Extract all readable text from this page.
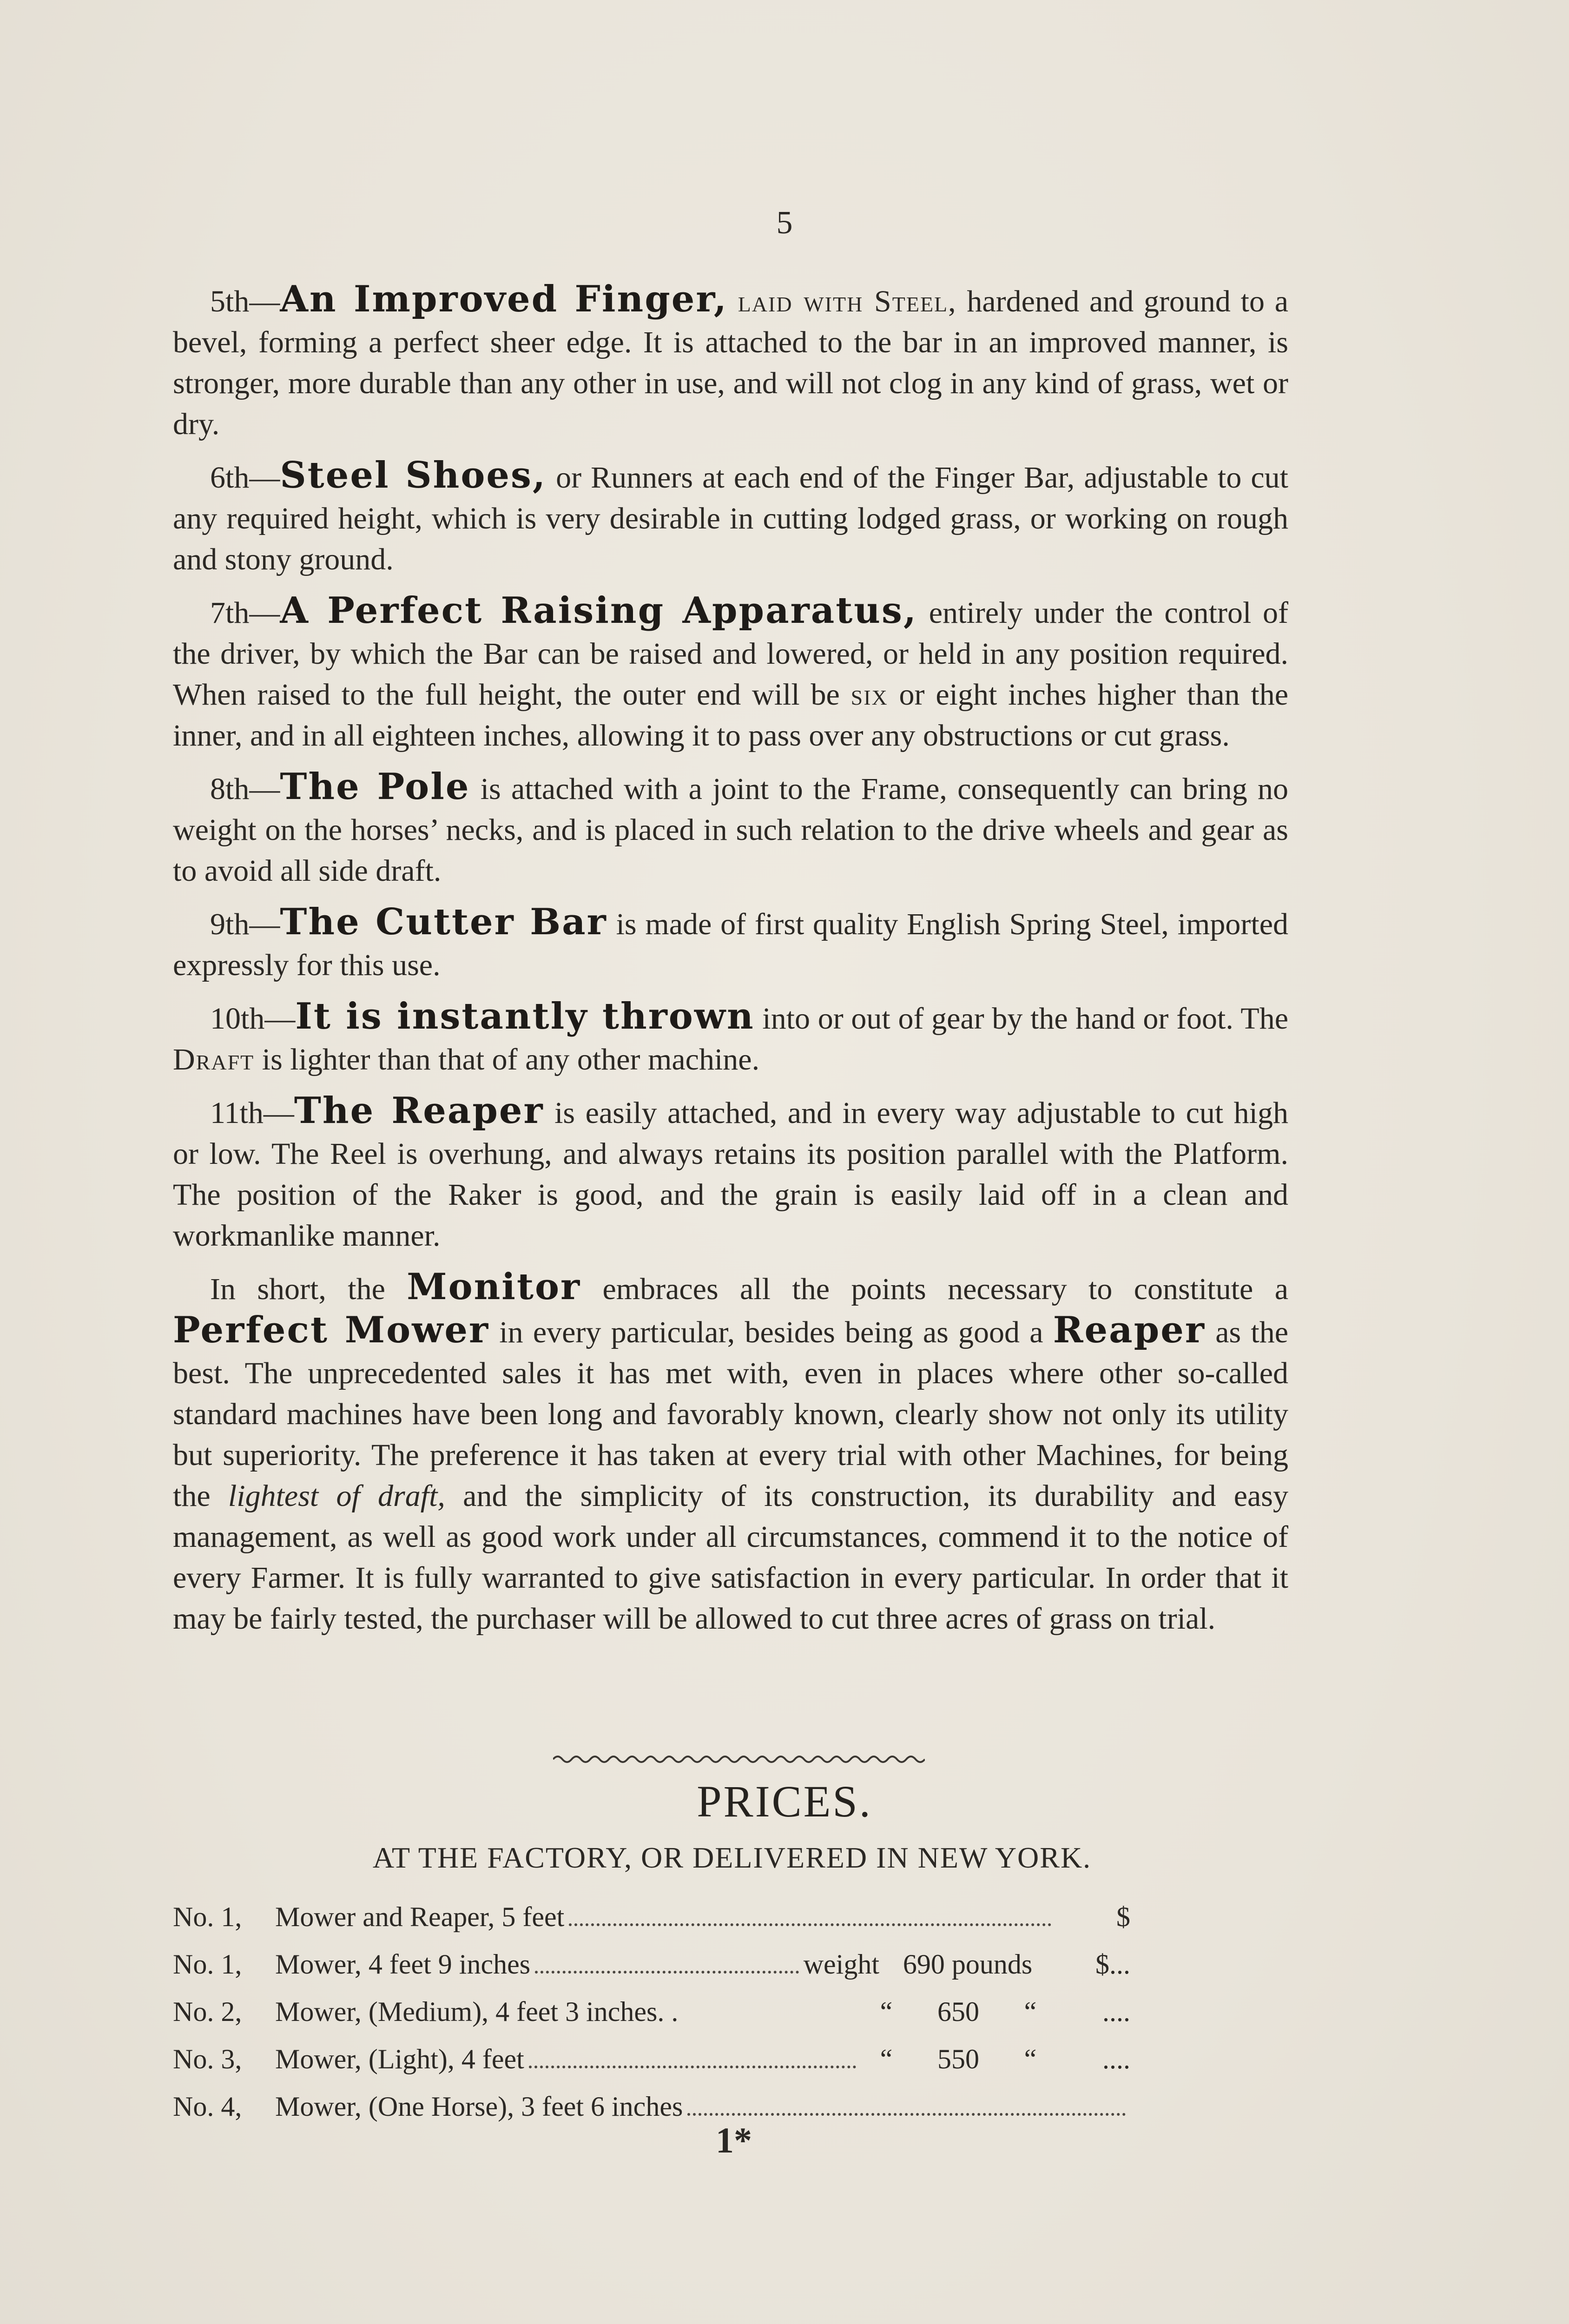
5

5th—An Improved Finger, laid with Steel, hardened and ground to a bevel, forming a perfect sheer edge. It is attached to the bar in an improved manner, is stronger, more durable than any other in use, and will not clog in any kind of grass, wet or dry.

6th—Steel Shoes, or Runners at each end of the Finger Bar, adjustable to cut any required height, which is very desirable in cutting lodged grass, or working on rough and stony ground.

7th—A Perfect Raising Apparatus, entirely under the control of the driver, by which the Bar can be raised and lowered, or held in any position required. When raised to the full height, the outer end will be six or eight inches higher than the inner, and in all eighteen inches, allowing it to pass over any obstructions or cut grass.

8th—The Pole is attached with a joint to the Frame, consequently can bring no weight on the horses’ necks, and is placed in such relation to the drive wheels and gear as to avoid all side draft.

9th—The Cutter Bar is made of first quality English Spring Steel, imported expressly for this use.

10th—It is instantly thrown into or out of gear by the hand or foot. The Draft is lighter than that of any other machine.

11th—The Reaper is easily attached, and in every way adjustable to cut high or low. The Reel is overhung, and always retains its position parallel with the Platform. The position of the Raker is good, and the grain is easily laid off in a clean and workmanlike manner.

In short, the Monitor embraces all the points necessary to constitute a Perfect Mower in every particular, besides being as good a Reaper as the best. The unprecedented sales it has met with, even in places where other so-called standard machines have been long and favorably known, clearly show not only its utility but superiority. The preference it has taken at every trial with other Machines, for being the lightest of draft, and the simplicity of its construction, its durability and easy management, as well as good work under all circumstances, commend it to the notice of every Farmer. It is fully warranted to give satisfaction in every particular. In order that it may be fairly tested, the purchaser will be allowed to cut three acres of grass on trial.

PRICES.
AT THE FACTORY, OR DELIVERED IN NEW YORK.
No. 1,	Mower and Reaper, 5 feet	$
No. 1,	Mower, 4 feet 9 inches	weight 690 pounds	$...
No. 2,	Mower, (Medium), 4 feet 3 inches. .	“	650	“	....
No. 3,	Mower, (Light), 4 feet	“	550	“	....
No. 4,	Mower, (One Horse), 3 feet 6 inches
1*
